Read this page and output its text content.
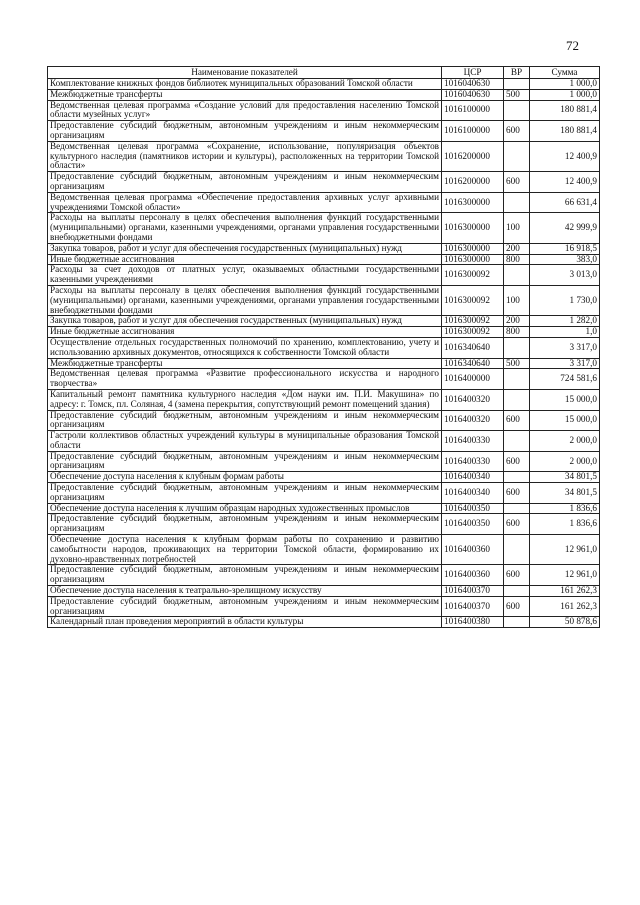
72
Наименование показателей	ЦСР	ВР	Сумма
Комплектование книжных фондов библиотек муниципальных образований Томской области	1016040630		1 000,0
Межбюджетные трансферты	1016040630	500	1 000,0
Ведомственная целевая программа «Создание условий для предоставления населению Томской области музейных услуг»	1016100000		180 881,4
Предоставление субсидий бюджетным, автономным учреждениям и иным некоммерческим организациям	1016100000	600	180 881,4
Ведомственная целевая программа «Сохранение, использование, популяризация объектов культурного наследия (памятников истории и культуры), расположенных на территории Томской области»	1016200000		12 400,9
Предоставление субсидий бюджетным, автономным учреждениям и иным некоммерческим организациям	1016200000	600	12 400,9
Ведомственная целевая программа «Обеспечение предоставления архивных услуг архивными учреждениями Томской области»	1016300000		66 631,4
Расходы на выплаты персоналу в целях обеспечения выполнения функций государственными (муниципальными) органами, казенными учреждениями, органами управления государственными внебюджетными фондами	1016300000	100	42 999,9
Закупка товаров, работ и услуг для обеспечения государственных (муниципальных) нужд	1016300000	200	16 918,5
Иные бюджетные ассигнования	1016300000	800	383,0
Расходы за счет доходов от платных услуг, оказываемых областными государственными казенными учреждениями	1016300092		3 013,0
Расходы на выплаты персоналу в целях обеспечения выполнения функций государственными (муниципальными) органами, казенными учреждениями, органами управления государственными внебюджетными фондами	1016300092	100	1 730,0
Закупка товаров, работ и услуг для обеспечения государственных (муниципальных) нужд	1016300092	200	1 282,0
Иные бюджетные ассигнования	1016300092	800	1,0
Осуществление отдельных государственных полномочий по хранению, комплектованию, учету и использованию архивных документов, относящихся к собственности Томской области	1016340640		3 317,0
Межбюджетные трансферты	1016340640	500	3 317,0
Ведомственная целевая программа «Развитие профессионального искусства и народного творчества»	1016400000		724 581,6
Капитальный ремонт памятника культурного наследия «Дом науки им. П.И. Макушина» по адресу: г. Томск, пл. Соляная, 4 (замена перекрытия, сопутствующий ремонт помещений здания)	1016400320		15 000,0
Предоставление субсидий бюджетным, автономным учреждениям и иным некоммерческим организациям	1016400320	600	15 000,0
Гастроли коллективов областных учреждений культуры в муниципальные образования Томской области	1016400330		2 000,0
Предоставление субсидий бюджетным, автономным учреждениям и иным некоммерческим организациям	1016400330	600	2 000,0
Обеспечение доступа населения к клубным формам работы	1016400340		34 801,5
Предоставление субсидий бюджетным, автономным учреждениям и иным некоммерческим организациям	1016400340	600	34 801,5
Обеспечение доступа населения к лучшим образцам народных художественных промыслов	1016400350		1 836,6
Предоставление субсидий бюджетным, автономным учреждениям и иным некоммерческим организациям	1016400350	600	1 836,6
Обеспечение доступа населения к клубным формам работы по сохранению и развитию самобытности народов, проживающих на территории Томской области, формированию их духовно-нравственных потребностей	1016400360		12 961,0
Предоставление субсидий бюджетным, автономным учреждениям и иным некоммерческим организациям	1016400360	600	12 961,0
Обеспечение доступа населения к театрально-зрелищному искусству	1016400370		161 262,3
Предоставление субсидий бюджетным, автономным учреждениям и иным некоммерческим организациям	1016400370	600	161 262,3
Календарный план проведения мероприятий в области культуры	1016400380		50 878,6
